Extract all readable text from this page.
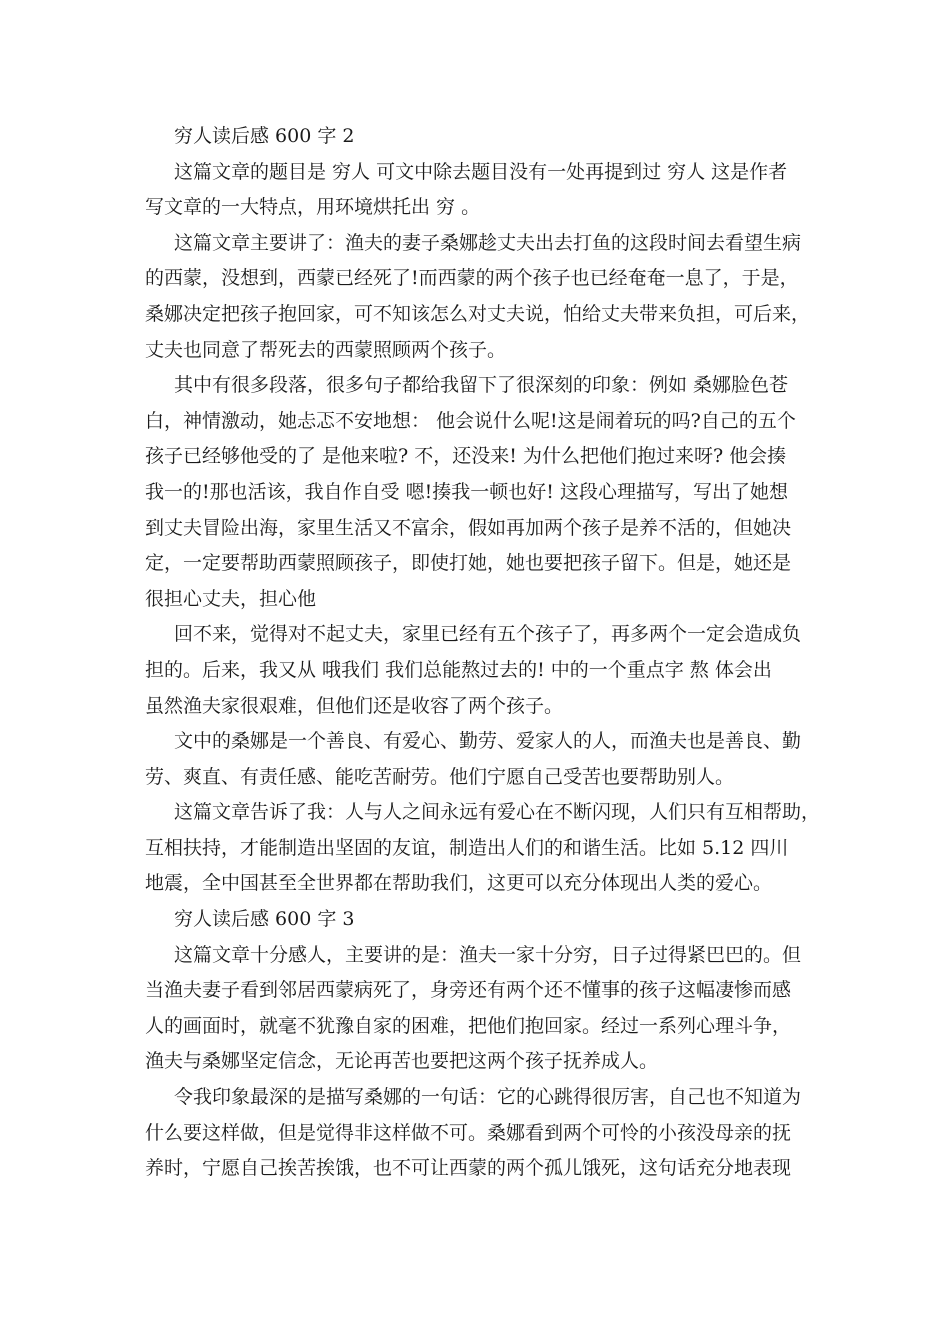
穷人读后感 600 字 2
这篇文章的题目是 穷人 可文中除去题目没有一处再提到过 穷人 这是作者
写文章的一大特点，用环境烘托出 穷 。
这篇文章主要讲了：渔夫的妻子桑娜趁丈夫出去打鱼的这段时间去看望生病
的西蒙，没想到，西蒙已经死了!而西蒙的两个孩子也已经奄奄一息了，于是，
桑娜决定把孩子抱回家，可不知该怎么对丈夫说，怕给丈夫带来负担，可后来，
丈夫也同意了帮死去的西蒙照顾两个孩子。
其中有很多段落，很多句子都给我留下了很深刻的印象：例如 桑娜脸色苍
白，神情激动，她忐忑不安地想： 他会说什么呢!这是闹着玩的吗?自己的五个
孩子已经够他受的了 是他来啦? 不，还没来! 为什么把他们抱过来呀? 他会揍
我一的!那也活该，我自作自受 嗯!揍我一顿也好! 这段心理描写，写出了她想
到丈夫冒险出海，家里生活又不富余，假如再加两个孩子是养不活的，但她决
定，一定要帮助西蒙照顾孩子，即使打她，她也要把孩子留下。但是，她还是
很担心丈夫，担心他
回不来，觉得对不起丈夫，家里已经有五个孩子了，再多两个一定会造成负
担的。后来，我又从 哦我们 我们总能熬过去的! 中的一个重点字 熬 体会出
虽然渔夫家很艰难，但他们还是收容了两个孩子。
文中的桑娜是一个善良、有爱心、勤劳、爱家人的人，而渔夫也是善良、勤
劳、爽直、有责任感、能吃苦耐劳。他们宁愿自己受苦也要帮助别人。
这篇文章告诉了我：人与人之间永远有爱心在不断闪现，人们只有互相帮助，
互相扶持，才能制造出坚固的友谊，制造出人们的和谐生活。比如 5.12 四川
地震，全中国甚至全世界都在帮助我们，这更可以充分体现出人类的爱心。
穷人读后感 600 字 3
这篇文章十分感人，主要讲的是：渔夫一家十分穷，日子过得紧巴巴的。但
当渔夫妻子看到邻居西蒙病死了，身旁还有两个还不懂事的孩子这幅凄惨而感
人的画面时，就毫不犹豫自家的困难，把他们抱回家。经过一系列心理斗争，
渔夫与桑娜坚定信念，无论再苦也要把这两个孩子抚养成人。
令我印象最深的是描写桑娜的一句话：它的心跳得很厉害，自己也不知道为
什么要这样做，但是觉得非这样做不可。桑娜看到两个可怜的小孩没母亲的抚
养时，宁愿自己挨苦挨饿，也不可让西蒙的两个孤儿饿死，这句话充分地表现
